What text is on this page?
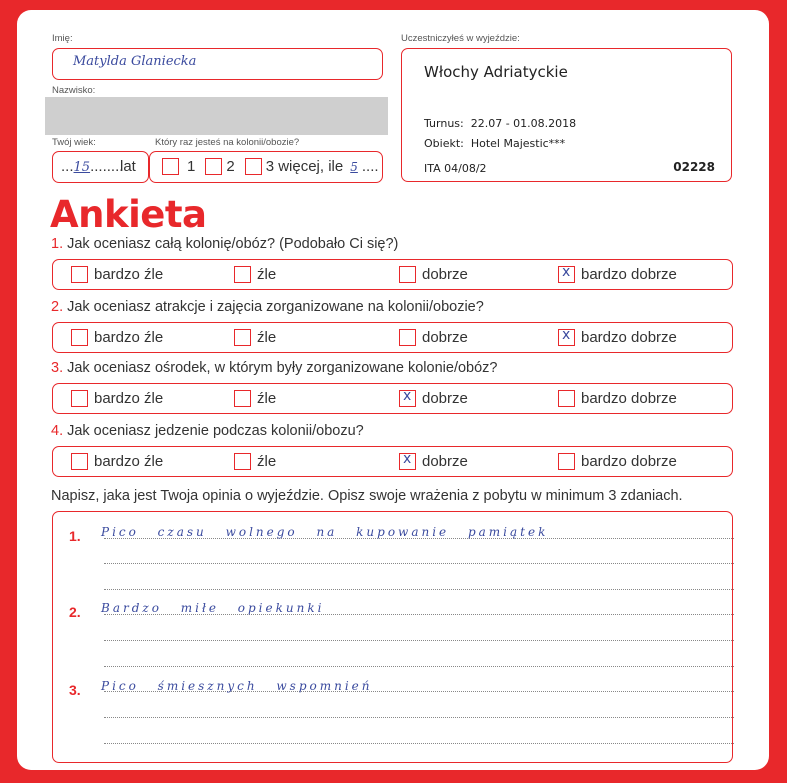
Imię:
Matylda Glaniecka
Nazwisko:
Twój wiek:
...15........
lat
Który raz jesteś na kolonii/obozie?
1 2 3 więcej, ile 5 ....
Uczestniczyłeś w wyjeździe:
Włochy Adriatyckie
Turnus:  22.07 - 01.08.2018
Obiekt:  Hotel Majestic***
ITA 04/08/2	02228
Ankieta
1. Jak oceniasz całą kolonię/obóz? (Podobało Ci się?)
bardzo źle	źle	dobrze x	bardzo dobrze
2. Jak oceniasz atrakcje i zajęcia zorganizowane na kolonii/obozie?
bardzo źle	źle	dobrze x	bardzo dobrze
3. Jak oceniasz ośrodek, w którym były zorganizowane kolonie/obóz?
bardzo źle	źle x	dobrze	bardzo dobrze
4. Jak oceniasz jedzenie podczas kolonii/obozu?
bardzo źle	źle x	dobrze	bardzo dobrze
Napisz, jaka jest Twoja opinia o wyjeździe. Opisz swoje wrażenia z pobytu w minimum 3 zdaniach.
1. Pico czasu wolnego na kupowanie pamiątek
2. Bardzo miłe opiekunki
3. Pico śmiesznych wspomnień
